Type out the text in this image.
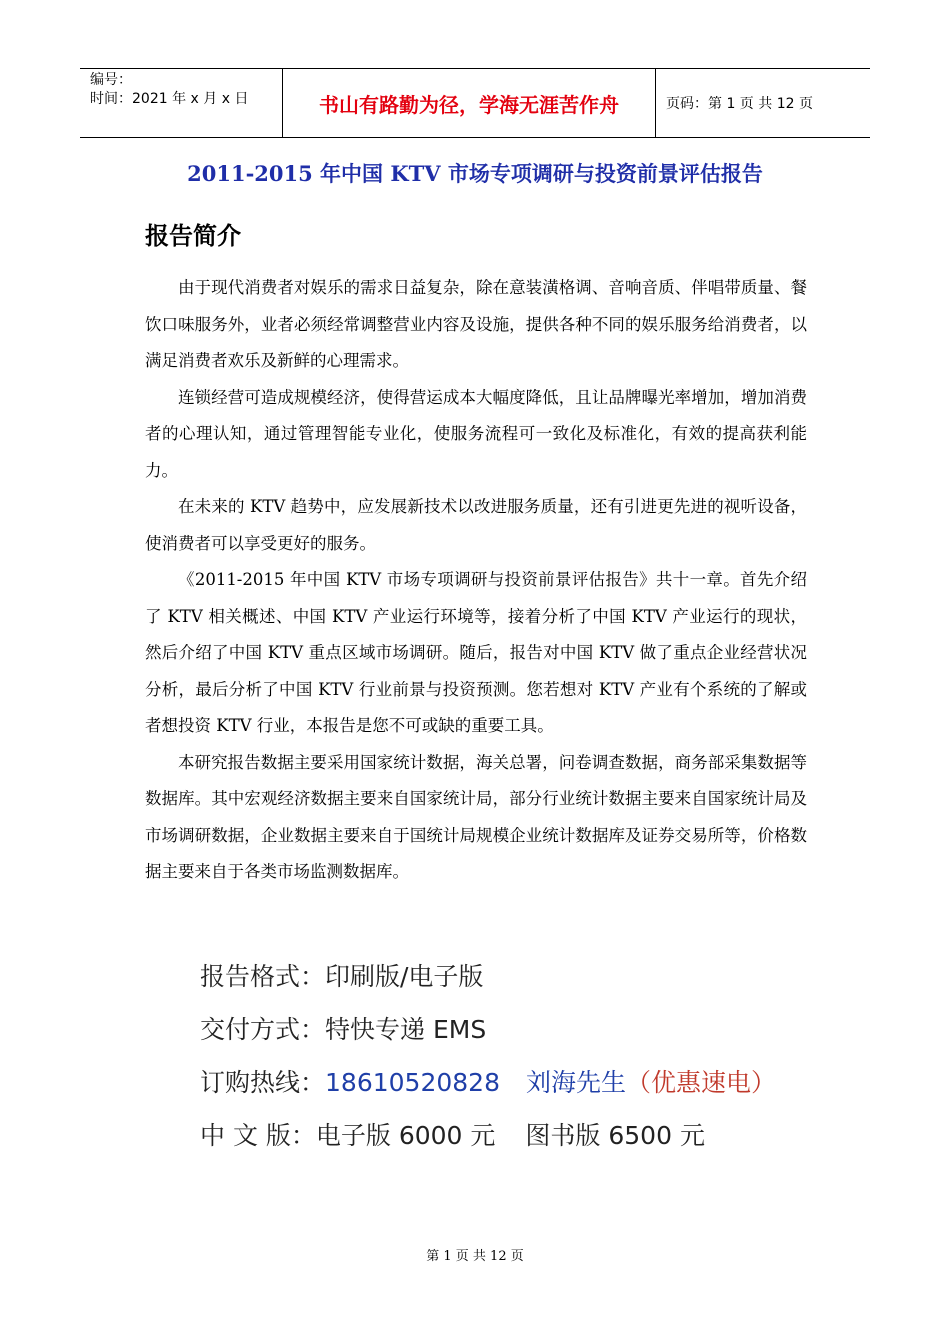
编号：
时间：2021 年 x 月 x 日	书山有路勤为径，学海无涯苦作舟	页码：第 1 页 共 12 页
2011-2015 年中国 KTV 市场专项调研与投资前景评估报告
报告简介

由于现代消费者对娱乐的需求日益复杂，除在意装潢格调、音响音质、伴唱带质量、餐饮口味服务外，业者必须经常调整营业内容及设施，提供各种不同的娱乐服务给消费者，以满足消费者欢乐及新鲜的心理需求。

连锁经营可造成规模经济，使得营运成本大幅度降低，且让品牌曝光率增加，增加消费者的心理认知，通过管理智能专业化，使服务流程可一致化及标准化，有效的提高获利能力。

在未来的 KTV 趋势中，应发展新技术以改进服务质量，还有引进更先进的视听设备，使消费者可以享受更好的服务。

《2011-2015 年中国 KTV 市场专项调研与投资前景评估报告》共十一章。首先介绍了 KTV 相关概述、中国 KTV 产业运行环境等，接着分析了中国 KTV 产业运行的现状，然后介绍了中国 KTV 重点区域市场调研。随后，报告对中国 KTV 做了重点企业经营状况分析，最后分析了中国 KTV 行业前景与投资预测。您若想对 KTV 产业有个系统的了解或者想投资 KTV 行业，本报告是您不可或缺的重要工具。

本研究报告数据主要采用国家统计数据，海关总署，问卷调查数据，商务部采集数据等数据库。其中宏观经济数据主要来自国家统计局，部分行业统计数据主要来自国家统计局及市场调研数据，企业数据主要来自于国统计局规模企业统计数据库及证券交易所等，价格数据主要来自于各类市场监测数据库。

报告格式：印刷版/电子版
交付方式：特快专递 EMS
订购热线：18610520828 刘海先生（优惠速电）
中 文 版：电子版 6000 元 图书版 6500 元
第 1 页 共 12 页
